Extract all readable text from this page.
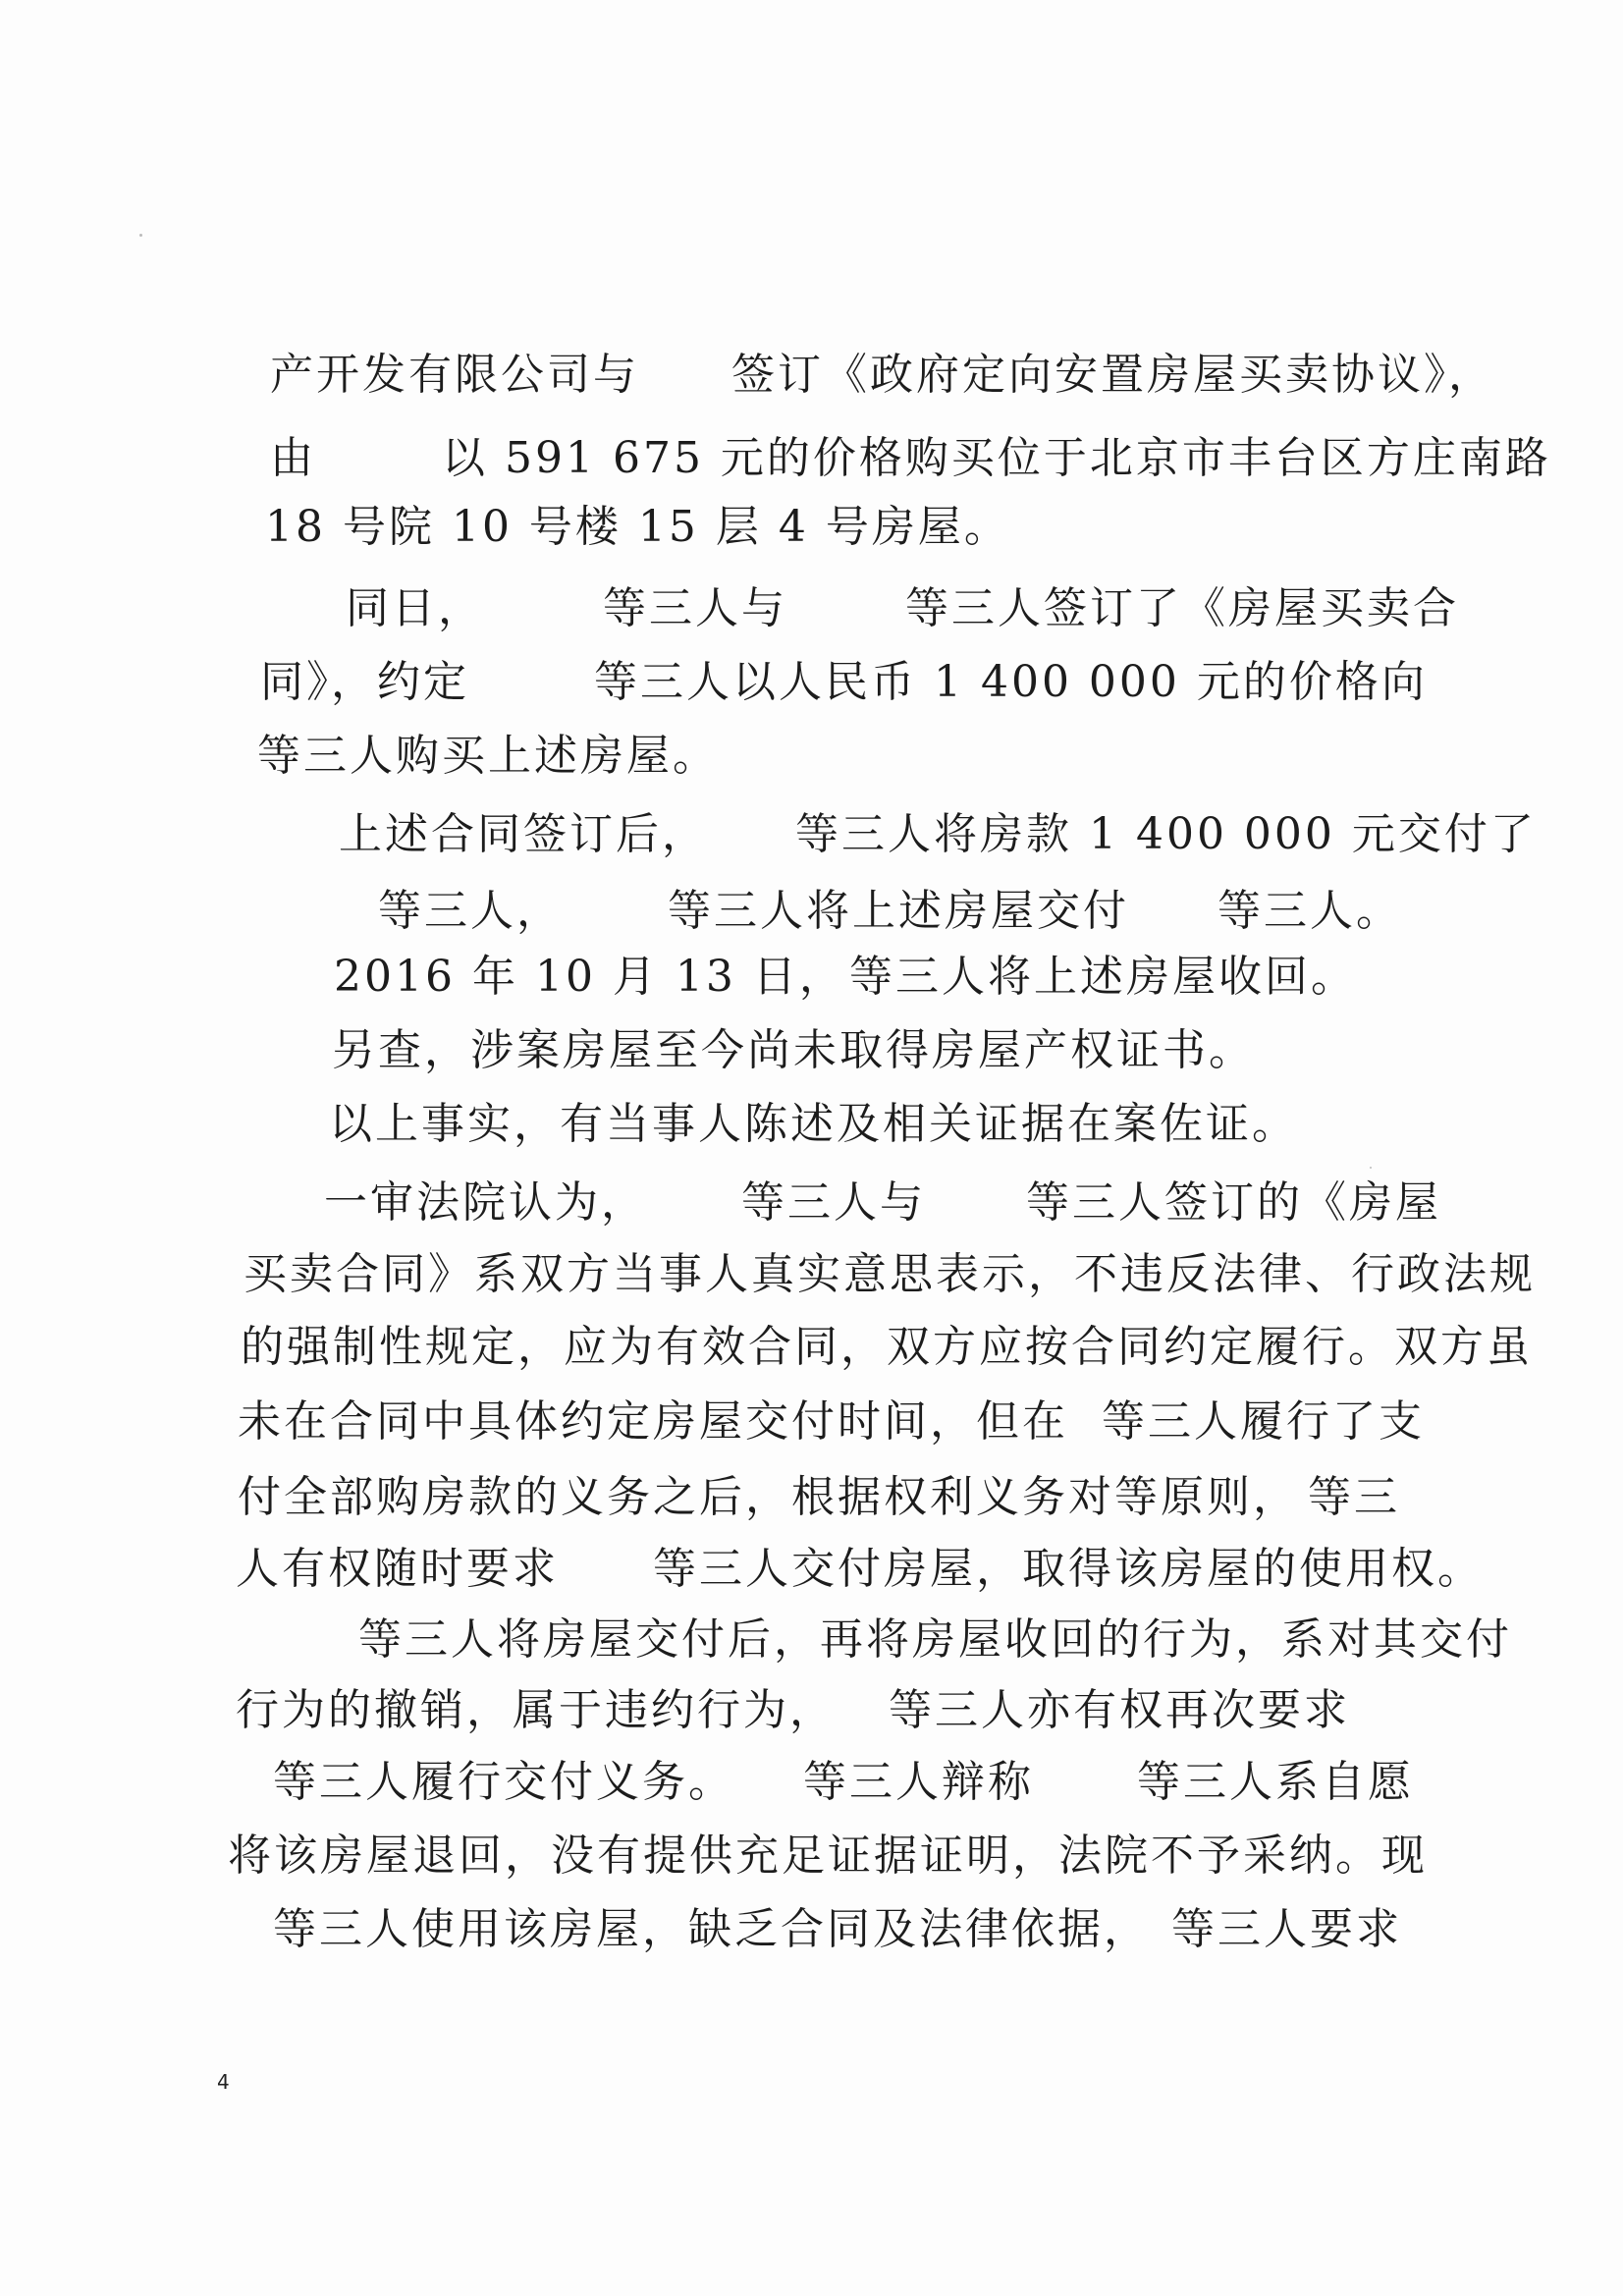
产开发有限公司与 签订《政府定向安置房屋买卖协议》，
由	以 591 675 元的价格购买位于北京市丰台区方庄南路
18 号院 10 号楼 15 层 4 号房屋。
同日，	等三人与	等三人签订了《房屋买卖合
同》，约定	等三人以人民币 1 400 000 元的价格向
等三人购买上述房屋。
上述合同签订后， 等三人将房款 1 400 000 元交付了
等三人， 等三人将上述房屋交付 等三人。
2016 年 10 月 13 日， 等三人将上述房屋收回。
另查，涉案房屋至今尚未取得房屋产权证书。
以上事实，有当事人陈述及相关证据在案佐证。
一审法院认为， 等三人与 等三人签订的《房屋
买卖合同》系双方当事人真实意思表示，不违反法律、行政法规
的强制性规定，应为有效合同，双方应按合同约定履行。双方虽
未在合同中具体约定房屋交付时间，但在 等三人履行了支
付全部购房款的义务之后，根据权利义务对等原则， 等三
人有权随时要求 等三人交付房屋，取得该房屋的使用权。
等三人将房屋交付后，再将房屋收回的行为，系对其交付
行为的撤销，属于违约行为， 等三人亦有权再次要求
等三人履行交付义务。 等三人辩称 等三人系自愿
将该房屋退回，没有提供充足证据证明，法院不予采纳。现
等三人使用该房屋，缺乏合同及法律依据， 等三人要求
4
